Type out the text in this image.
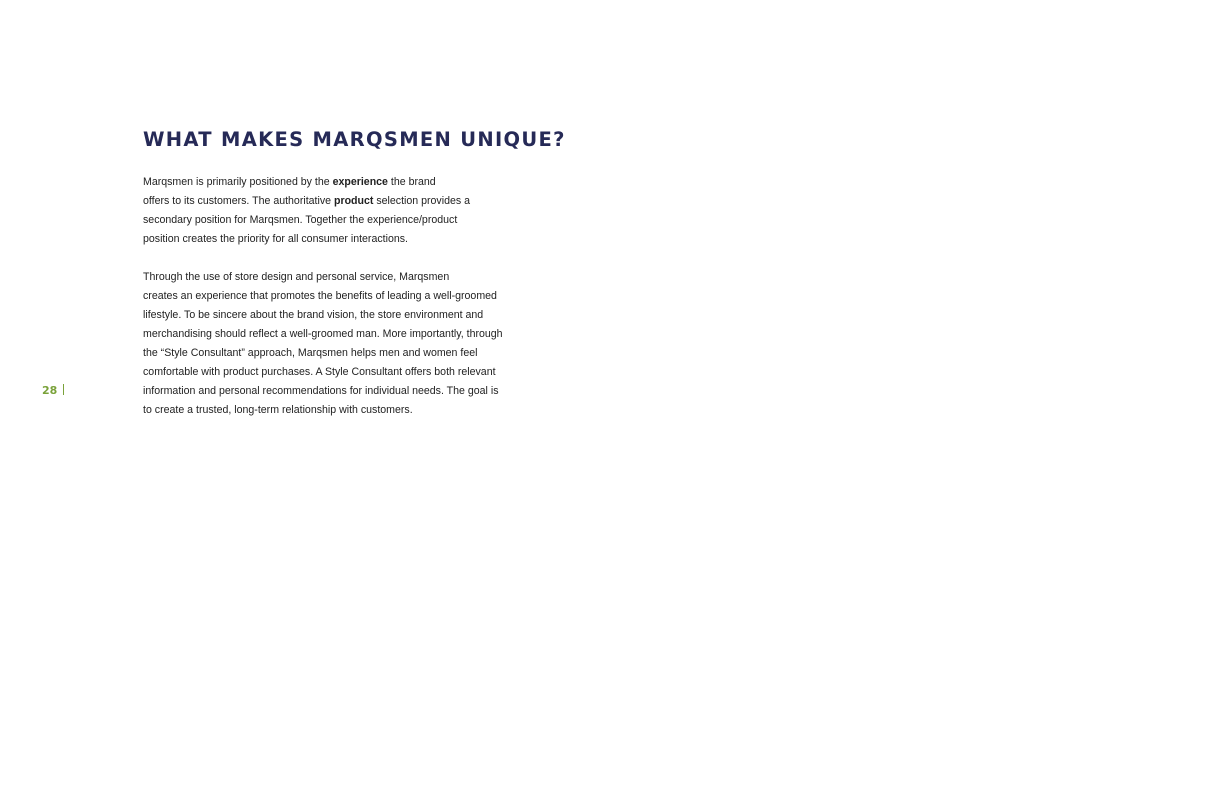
WHAT MAKES MARQSMEN UNIQUE?

Marqsmen is primarily positioned by the experience the brand
offers to its customers. The authoritative product selection provides a
secondary position for Marqsmen. Together the experience/product
position creates the priority for all consumer interactions.

Through the use of store design and personal service, Marqsmen
creates an experience that promotes the benefits of leading a well-groomed
lifestyle. To be sincere about the brand vision, the store environment and
merchandising should reflect a well-groomed man. More importantly, through
the “Style Consultant” approach, Marqsmen helps men and women feel
comfortable with product purchases. A Style Consultant offers both relevant
information and personal recommendations for individual needs. The goal is
to create a trusted, long-term relationship with customers.

28
